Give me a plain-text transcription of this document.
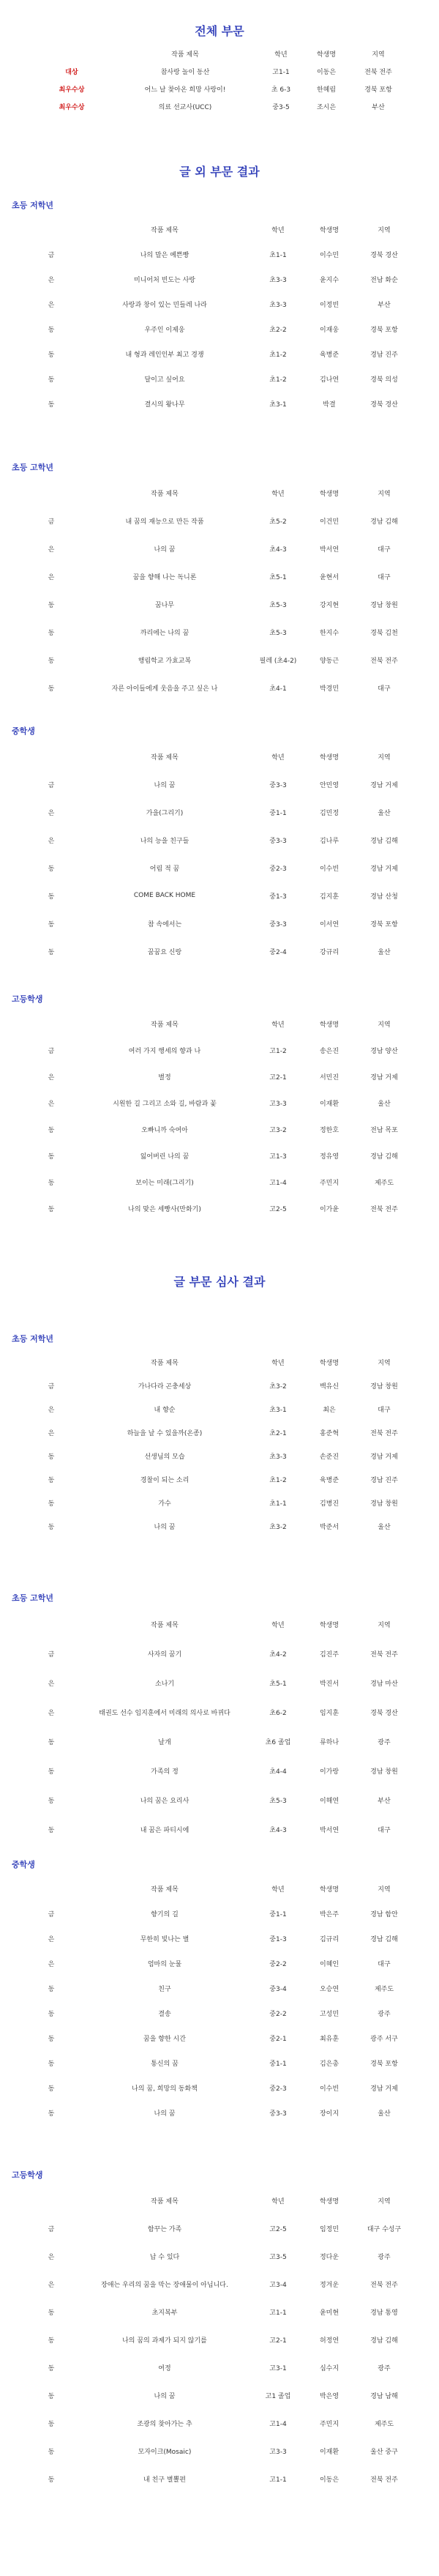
전체 부문
	작품 제목	학년	학생명	지역
대상	참사랑 놀이 동산	고1-1	이동은	전북 전주
최우수상	어느 날 찾아온 희망 사랑이!	초 6-3	한혜림	경북 포항
최우수상	의료 선교사(UCC)	중3-5	조시은	부산
글 외 부문 결과
초등 저학년
	작품 제목	학년	학생명	지역
금	나의 말은 예쁜빵	초1-1	이수민	경북 경산
은	미니어처 빈도는 사랑	초3-3	윤지수	전남 화순
은	사랑과 창이 있는 민들레 나라	초3-3	이정빈	부산
동	우주인 이제웅	초2-2	이재웅	경북 포항
동	내 형과 레인인부 최고 경쟁	초1-2	육병준	경남 진주
동	달이고 싶어요	초1-2	김나연	경북 의성
동	결시의 왕나무	초3-1	박결	경북 경산
초등 고학년
	작품 제목	학년	학생명	지역
금	내 꿈의 재능으로 만든 작품	초5-2	이건민	경남 김해
은	나의 꿈	초4-3	박서연	대구
은	꿈을 향해 나는 독니론	초5-1	윤현서	대구
동	꿈나무	초5-3	강지현	경남 창원
동	까리에는 나의 꿈	초5-3	한지수	경북 김천
동	행림학교 가효교복	필레 (초4-2)	양동근	전북 전주
동	자른 아이들에게 웃음을 주고 싶은 나	초4-1	박경민	대구
중학생
	작품 제목	학년	학생명	지역
금	나의 꿈	중3-3	안민영	경남 거제
은	가을(그리기)	중1-1	김민정	울산
은	나의 능을 친구들	중3-3	김나루	경남 김해
동	어림 적 꿈	중2-3	이수빈	경남 거제
동	COME BACK HOME	중1-3	김지훈	경남 산청
동	참 속에서는	중3-3	이서연	경북 포항
동	꿈꿈요 신랑	중2-4	강규리	울산
고등학생
	작품 제목	학년	학생명	지역
금	여러 가지 행세의 향과 나	고1-2	송은진	경남 양산
은	별정	고2-1	서민진	경남 거제
은	시원한 길 그리고 소와 길, 바람과 꽃	고3-3	이재환	울산
동	오빠니까 숙여아	고3-2	정한호	전남 목포
동	잃어버린 나의 꿈	고1-3	정유영	경남 김해
동	보이는 미래(그리기)	고1-4	주민지	제주도
동	나의 맞은 세빵사(만화기)	고2-5	이가윤	전북 전주
글 부문 심사 결과
초등 저학년
	작품 제목	학년	학생명	지역
금	가나다라 곤충세상	초3-2	백유신	경남 창원
은	내 향순	초3-1	최은	대구
은	하늘을 날 수 있을까(온종)	초2-1	홍준혁	전북 전주
동	선생님의 모습	초3-3	손준진	경남 거제
동	경찰이 되는 소리	초1-2	육병준	경남 진주
동	가수	초1-1	김병진	경남 창원
동	나의 꿈	초3-2	박준서	울산
초등 고학년
	작품 제목	학년	학생명	지역
금	사자의 꿈기	초4-2	김진주	전북 전주
은	소나기	초5-1	박진서	경남 마산
은	태권도 선수 임지훈에서 미래의 의사로 바뀌다	초6-2	임지훈	경북 경산
동	날개	초6 졸업	류하나	광주
동	가족의 정	초4-4	이가랑	경남 창원
동	나의 꿈은 요리사	초5-3	이해연	부산
동	내 꿈은 파티시에	초4-3	박서연	대구
중학생
	작품 제목	학년	학생명	지역
금	향기의 길	중1-1	박은주	경남 함안
은	무한히 빛나는 별	중1-3	김규리	경남 김해
은	엄마의 눈물	중2-2	이혜인	대구
동	친구	중3-4	오승연	제주도
동	결송	중2-2	고성민	광주
동	꿈을 향한 시간	중2-1	최유훈	광주 서구
동	통신의 꿈	중1-1	김은총	경북 포항
동	나의 꿈, 희망의 동화책	중2-3	이수빈	경남 거제
동	나의 꿈	중3-3	장이지	울산
고등학생
	작품 제목	학년	학생명	지역
금	함꾸는 가족	고2-5	임정민	대구 수성구
은	납 수 있다	고3-5	정다운	광주
은	장애는 우리의 꿈을 막는 장애물이 아닙니다.	고3-4	정겨운	전북 전주
동	초지복부	고1-1	윤미현	경남 통영
동	나의 꿈의 과제가 되지 않기를	고2-1	허정연	경남 김해
동	여정	고3-1	심수지	광주
동	나의 꿈	고1 졸업	박은영	경남 남해
동	조광의 찾아가는 추	고1-4	주민지	제주도
동	모자이크(Mosaic)	고3-3	이재환	울산 중구
동	내 친구 별뽈편	고1-1	이동은	전북 전주
